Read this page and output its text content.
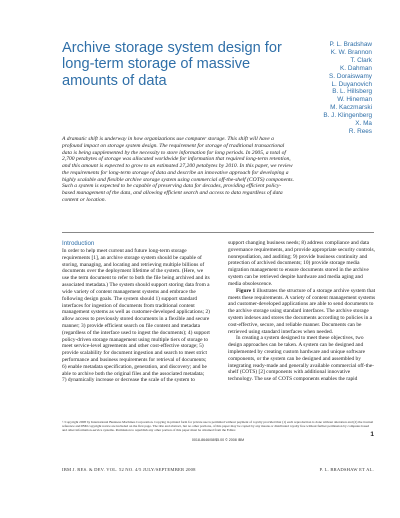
Archive storage system design for long-term storage of massive amounts of data
P. L. Bradshaw
K. W. Brannon
T. Clark
K. Dahman
S. Doraiswamy
L. Duyanovich
B. L. Hillsberg
W. Hineman
M. Kaczmarski
B. J. Klingenberg
X. Ma
R. Rees
A dramatic shift is underway in how organizations use computer storage. This shift will have a profound impact on storage system design. The requirement for storage of traditional transactional data is being supplemented by the necessity to store information for long periods. In 2005, a total of 2,700 petabytes of storage was allocated worldwide for information that required long-term retention, and this amount is expected to grow to an estimated 27,200 petabytes by 2010. In this paper, we review the requirements for long-term storage of data and describe an innovative approach for developing a highly scalable and flexible archive storage system using commercial off-the-shelf (COTS) components. Such a system is expected to be capable of preserving data for decades, providing efficient policy-based management of the data, and allowing efficient search and access to data regardless of data content or location.
Introduction

In order to help meet current and future long-term storage requirements [1], an archive storage system should be capable of storing, managing, and locating and retrieving multiple billions of documents over the deployment lifetime of the system. (Here, we use the term document to refer to both the file being archived and its associated metadata.) The system should support storing data from a wide variety of content management systems and embrace the following design goals. The system should 1) support standard interfaces for ingestion of documents from traditional content management systems as well as customer-developed applications; 2) allow access to previously stored documents in a flexible and secure manner; 3) provide efficient search on file content and metadata (regardless of the interface used to ingest the documents); 4) support policy-driven storage management using multiple tiers of storage to meet service-level agreements and other cost-effective storage; 5) provide scalability for document ingestion and search to meet strict performance and business requirements for retrieval of documents; 6) enable metadata specification, generation, and discovery; and be able to archive both the original files and the associated metadata; 7) dynamically increase or decrease the scale of the system to

support changing business needs; 8) address compliance and data governance requirements, and provide appropriate security controls, nonrepudiation, and auditing; 9) provide business continuity and protection of archived documents; 10) provide storage media migration management to ensure documents stored in the archive system can be retrieved despite hardware and media aging and media obsolescence.

Figure 1 illustrates the structure of a storage archive system that meets these requirements. A variety of content management systems and customer-developed applications are able to send documents to the archive storage using standard interfaces. The archive storage system indexes and stores the documents according to policies in a cost-effective, secure, and reliable manner. Documents can be retrieved using standard interfaces when needed.

In creating a system designed to meet these objectives, two design approaches can be taken. A system can be designed and implemented by creating custom hardware and unique software components, or the system can be designed and assembled by integrating ready-made and generally available commercial off-the-shelf (COTS) [2] components with additional innovative technology. The use of COTS components enables the rapid

©Copyright 2008 by International Business Machines Corporation. Copying in printed form for private use is permitted without payment of royalty provided that (1) each reproduction is done without alteration and (2) the Journal reference and IBM copyright notice are included on the first page. The title and abstract, but no other portions, of this paper may be copied by any means or distributed royalty free without further permission by computer-based and other information-service systems. Permission to republish any other portion of this paper must be obtained from the Editor.
1
0018-8646/08/$5.00 © 2008 IBM
IBM J. RES. & DEV. VOL. 52 NO. 4/5 JULY/SEPTEMBER 2008	P. L. BRADSHAW ET AL.
